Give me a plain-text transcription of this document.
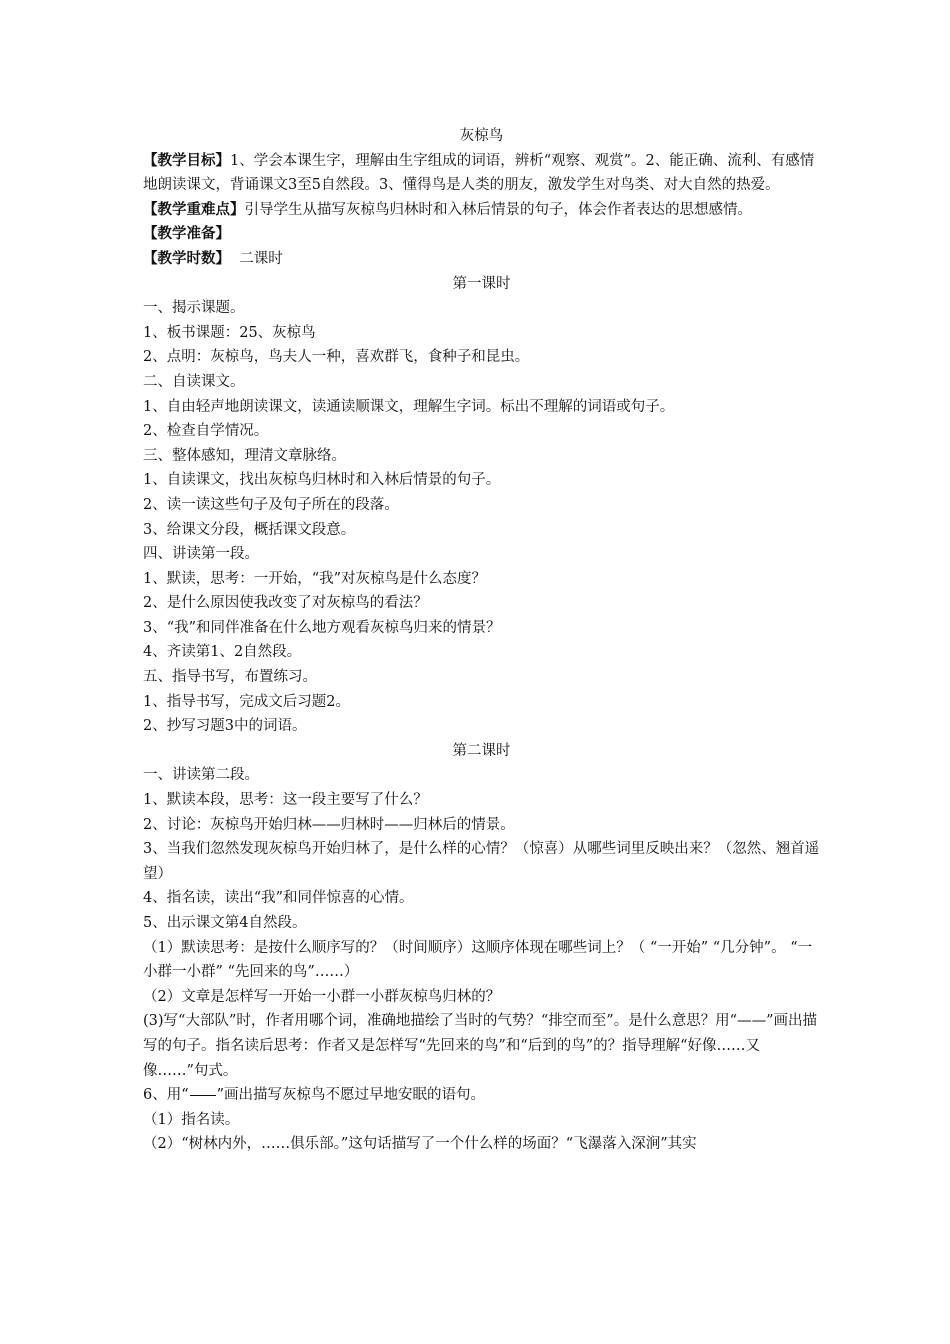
灰椋鸟

【教学目标】1、学会本课生字，理解由生字组成的词语，辨析“观察、观赏”。2、能正确、流利、有感情地朗读课文，背诵课文3至5自然段。3、懂得鸟是人类的朋友，激发学生对鸟类、对大自然的热爱。

【教学重难点】引导学生从描写灰椋鸟归林时和入林后情景的句子，体会作者表达的思想感情。

【教学准备】

【教学时数】  二课时

第一课时

一、揭示课题。

1、板书课题：25、灰椋鸟

2、点明：灰椋鸟，鸟夫人一种，喜欢群飞，食种子和昆虫。

二、自读课文。

1、自由轻声地朗读课文，读通读顺课文，理解生字词。标出不理解的词语或句子。

2、检查自学情况。

三、整体感知，理清文章脉络。

1、自读课文，找出灰椋鸟归林时和入林后情景的句子。

2、读一读这些句子及句子所在的段落。

3、给课文分段，概括课文段意。

四、讲读第一段。

1、默读，思考：一开始，“我”对灰椋鸟是什么态度？

2、是什么原因使我改变了对灰椋鸟的看法？

3、“我”和同伴准备在什么地方观看灰椋鸟归来的情景？

4、齐读第1、2自然段。

五、指导书写，布置练习。

1、指导书写，完成文后习题2。

2、抄写习题3中的词语。

第二课时

一、讲读第二段。

1、默读本段，思考：这一段主要写了什么？

2、讨论：灰椋鸟开始归林——归林时——归林后的情景。

3、当我们忽然发现灰椋鸟开始归林了，是什么样的心情？（惊喜）从哪些词里反映出来？（忽然、翘首遥望）

4、指名读，读出“我”和同伴惊喜的心情。

5、出示课文第4自然段。

（1）默读思考：是按什么顺序写的？（时间顺序）这顺序体现在哪些词上？（ “一开始” “几分钟”。 “一小群一小群” “先回来的鸟”……）

（2）文章是怎样写一开始一小群一小群灰椋鸟归林的？

(3)写“大部队”时，作者用哪个词，准确地描绘了当时的气势？“排空而至”。是什么意思？用“——”画出描写的句子。指名读后思考：作者又是怎样写“先回来的鸟”和“后到的鸟”的？指导理解“好像……又像……”句式。

6、用“ ”画出描写灰椋鸟不愿过早地安眠的语句。

（1）指名读。

（2）“树林内外，……俱乐部。”这句话描写了一个什么样的场面？“飞瀑落入深涧”其实
